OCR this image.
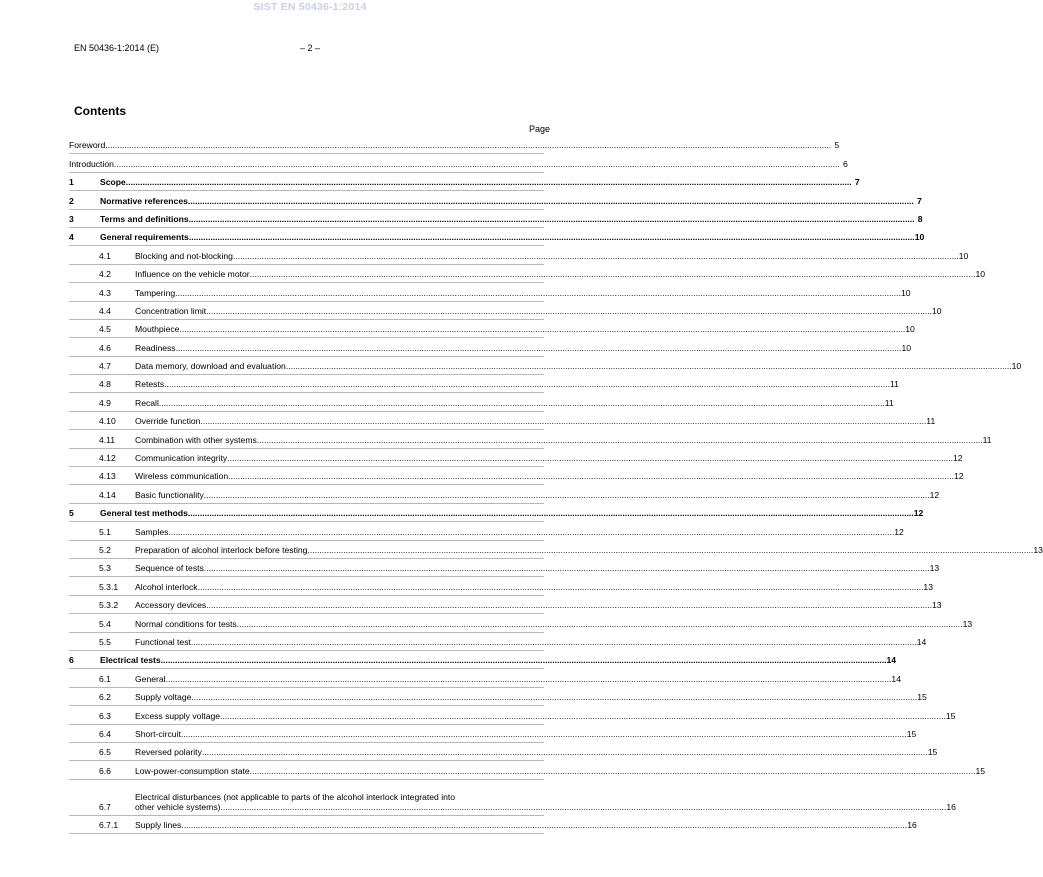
SIST EN 50436-1:2014
EN 50436-1:2014 (E)	– 2 –
Contents
Page
Foreword .....	5
Introduction .....	6
1	Scope .....	7
2	Normative references .....	7
3	Terms and definitions .....	8
4	General requirements .....	10
4.1	Blocking and not-blocking .....	10
4.2	Influence on the vehicle motor .....	10
4.3	Tampering .....	10
4.4	Concentration limit .....	10
4.5	Mouthpiece .....	10
4.6	Readiness .....	10
4.7	Data memory, download and evaluation .....	10
4.8	Retests .....	11
4.9	Recall .....	11
4.10	Override function .....	11
4.11	Combination with other systems .....	11
4.12	Communication integrity .....	12
4.13	Wireless communication .....	12
4.14	Basic functionality .....	12
5	General test methods .....	12
5.1	Samples .....	12
5.2	Preparation of alcohol interlock before testing .....	13
5.3	Sequence of tests .....	13
5.3.1	Alcohol interlock .....	13
5.3.2	Accessory devices .....	13
5.4	Normal conditions for tests .....	13
5.5	Functional test .....	14
6	Electrical tests .....	14
6.1	General .....	14
6.2	Supply voltage .....	15
6.3	Excess supply voltage .....	15
6.4	Short-circuit .....	15
6.5	Reversed polarity .....	15
6.6	Low-power-consumption state .....	15
6.7
Electrical disturbances (not applicable to parts of the alcohol interlock integrated into
other vehicle systems) .....	16
6.7.1	Supply lines .....	16
